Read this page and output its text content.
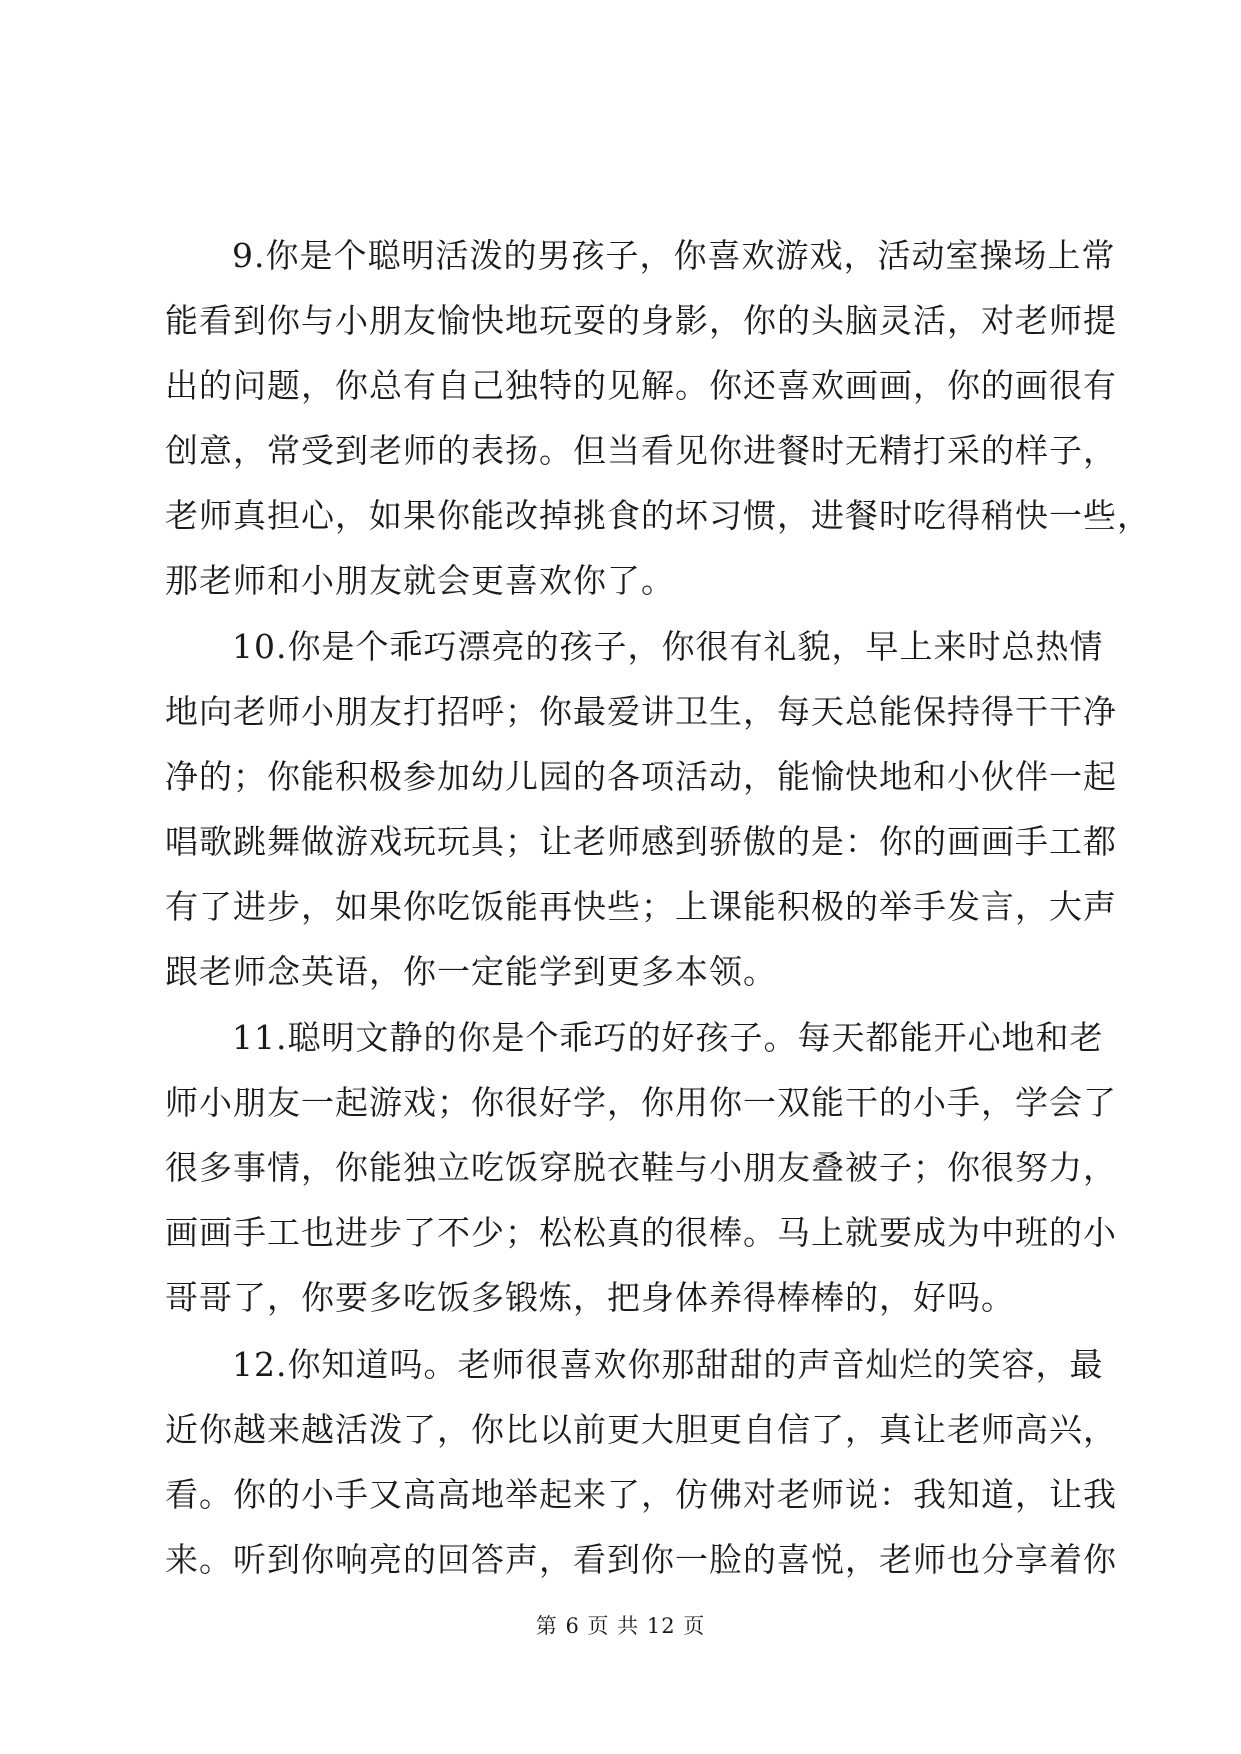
9.你是个聪明活泼的男孩子，你喜欢游戏，活动室操场上常
能看到你与小朋友愉快地玩耍的身影，你的头脑灵活，对老师提
出的问题，你总有自己独特的见解。你还喜欢画画，你的画很有
创意，常受到老师的表扬。但当看见你进餐时无精打采的样子，
老师真担心，如果你能改掉挑食的坏习惯，进餐时吃得稍快一些，
那老师和小朋友就会更喜欢你了。
10.你是个乖巧漂亮的孩子，你很有礼貌，早上来时总热情
地向老师小朋友打招呼；你最爱讲卫生，每天总能保持得干干净
净的；你能积极参加幼儿园的各项活动，能愉快地和小伙伴一起
唱歌跳舞做游戏玩玩具；让老师感到骄傲的是：你的画画手工都
有了进步，如果你吃饭能再快些；上课能积极的举手发言，大声
跟老师念英语，你一定能学到更多本领。
11.聪明文静的你是个乖巧的好孩子。每天都能开心地和老
师小朋友一起游戏；你很好学，你用你一双能干的小手，学会了
很多事情，你能独立吃饭穿脱衣鞋与小朋友叠被子；你很努力，
画画手工也进步了不少；松松真的很棒。马上就要成为中班的小
哥哥了，你要多吃饭多锻炼，把身体养得棒棒的，好吗。
12.你知道吗。老师很喜欢你那甜甜的声音灿烂的笑容，最
近你越来越活泼了，你比以前更大胆更自信了，真让老师高兴，
看。你的小手又高高地举起来了，仿佛对老师说：我知道，让我
来。听到你响亮的回答声，看到你一脸的喜悦，老师也分享着你
第 6 页 共 12 页
